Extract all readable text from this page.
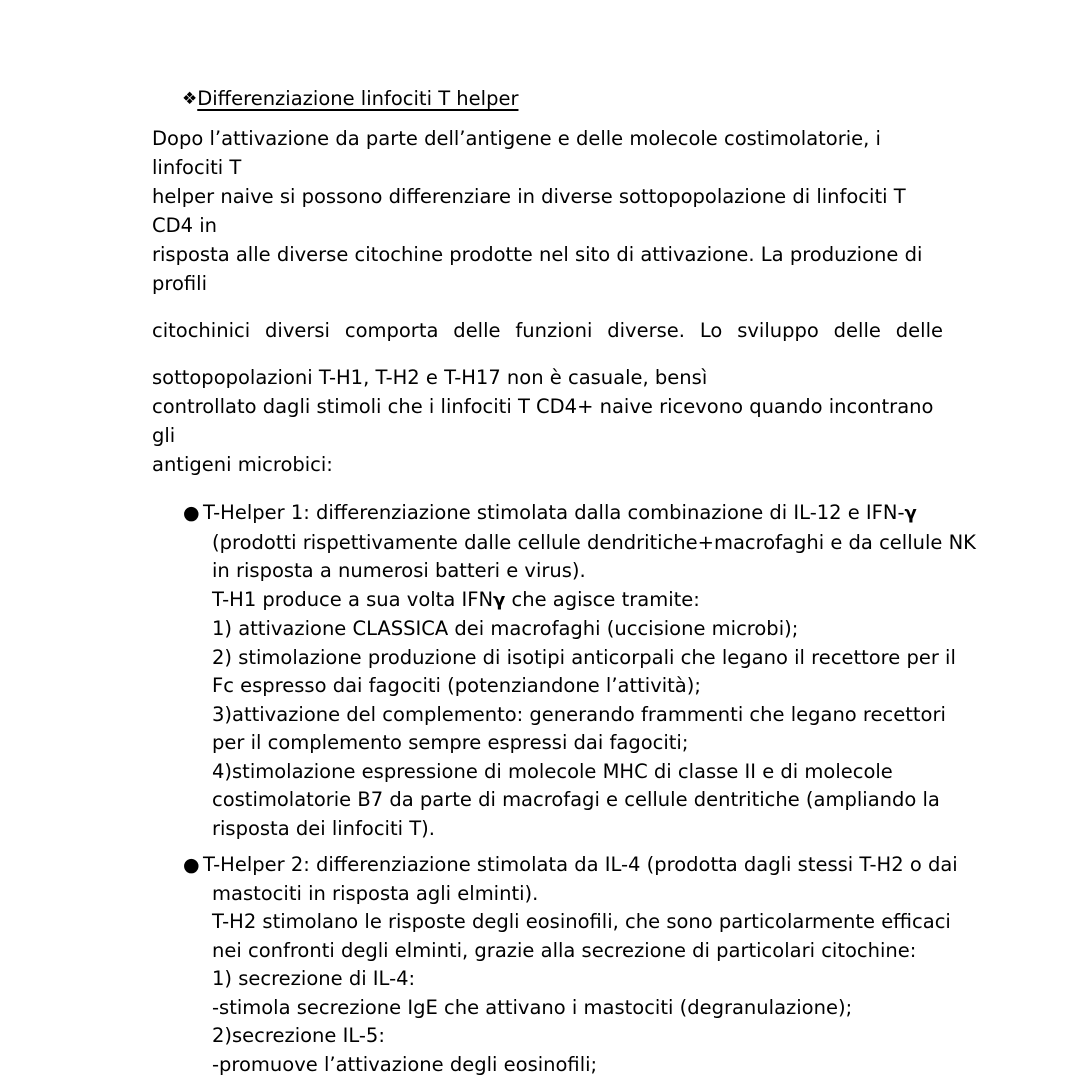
❖Differenziazione linfociti T helper
Dopo l’attivazione da parte dell’antigene e delle molecole costimolatorie, i linfociti T
helper naive si possono differenziare in diverse sottopopolazione di linfociti T CD4 in
risposta alle diverse citochine prodotte nel sito di attivazione. La produzione di profili
citochinici diversi comporta delle funzioni diverse. Lo sviluppo delle delle
sottopopolazioni T-H1, T-H2 e T-H17 non è casuale, bensì
controllato dagli stimoli che i linfociti T CD4+ naive ricevono quando incontrano gli
antigeni microbici:
● T-Helper 1: differenziazione stimolata dalla combinazione di IL-12 e IFN-γ
(prodotti rispettivamente dalle cellule dendritiche+macrofaghi e da cellule NK
in risposta a numerosi batteri e virus).
T-H1 produce a sua volta IFNγ che agisce tramite:
1) attivazione CLASSICA dei macrofaghi (uccisione microbi);
2) stimolazione produzione di isotipi anticorpali che legano il recettore per il
Fc espresso dai fagociti (potenziandone l’attività);
3)attivazione del complemento: generando frammenti che legano recettori
per il complemento sempre espressi dai fagociti;
4)stimolazione espressione di molecole MHC di classe II e di molecole
costimolatorie B7 da parte di macrofagi e cellule dentritiche (ampliando la
risposta dei linfociti T).
● T-Helper 2: differenziazione stimolata da IL-4 (prodotta dagli stessi T-H2 o dai
mastociti in risposta agli elminti).
T-H2 stimolano le risposte degli eosinofili, che sono particolarmente efficaci
nei confronti degli elminti, grazie alla secrezione di particolari citochine:
1) secrezione di IL-4:
-stimola secrezione IgE che attivano i mastociti (degranulazione);
2)secrezione IL-5:
-promuove l’attivazione degli eosinofili;
